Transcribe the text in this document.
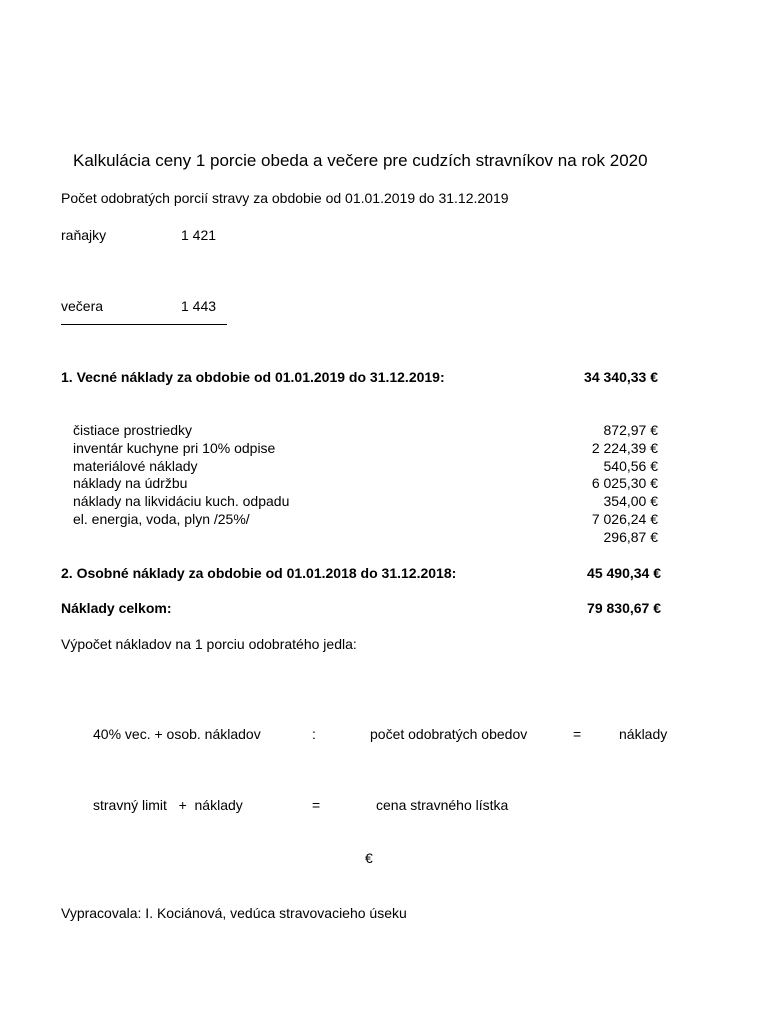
Kalkulácia ceny 1 porcie obeda a večere pre cudzích stravníkov na rok 2020
Počet odobratých porcií stravy za obdobie od 01.01.2019 do 31.12.2019
raňajky	1 421
večera	1 443
1. Vecné náklady za obdobie od 01.01.2019 do 31.12.2019:	34 340,33 €
čistiace prostriedky	872,97 €
inventár kuchyne pri 10% odpise	2 224,39 €
materiálové náklady	540,56 €
náklady na údržbu	6 025,30 €
náklady na likvidáciu kuch. odpadu	354,00 €
el. energia, voda, plyn /25%/	7 026,24 €
296,87 €
2. Osobné náklady za obdobie od 01.01.2018 do 31.12.2018:	45 490,34 €
Náklady celkom:	79 830,67 €
Výpočet nákladov na 1 porciu odobratého jedla:
40% vec. + osob. nákladov	:	počet odobratých obedov	=	náklady
stravný limit   +  náklady	=	cena stravného lístka
€
Vypracovala: I. Kociánová, vedúca stravovacieho úseku
